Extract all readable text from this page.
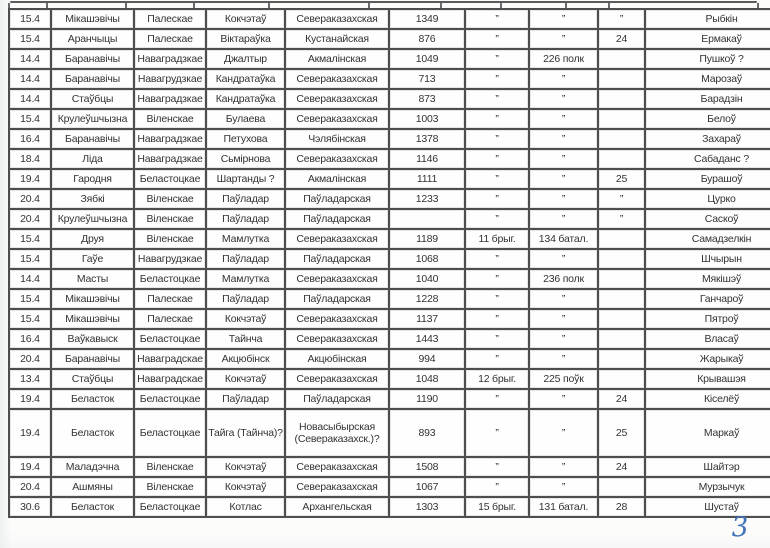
15.4	Мікашэвічы	Палескае	Кокчэтаў	Севераказахская	1349	”	”	”	Рыбкін
15.4	Аранчыцы	Палескае	Віктараўка	Кустанайская	876	”	”	24	Ермакаў
14.4	Баранавічы	Наваградзкае	Джалтыр	Акмалінская	1049	”	226 полк		Пушкоў ?
14.4	Баранавічы	Навагрудзкае	Кандратаўка	Севераказахская	713	”	”		Марозаў
14.4	Стаўбцы	Наваградзкае	Кандратаўка	Севераказахская	873	”	”		Барадзін
15.4	Крулеўшчызна	Віленскае	Булаева	Севераказахская	1003	”	”		Белоў
16.4	Баранавічы	Наваградзкае	Петухова	Чэлябінская	1378	”	”		Захараў
18.4	Ліда	Наваградзкае	Сьмірнова	Севераказахская	1146	”	”		Сабаданс ?
19.4	Гародня	Беластоцкае	Шартанды ?	Акмалінская	1111	”	”	25	Бурашоў
20.4	Зябкі	Віленскае	Паўладар	Паўладарская	1233	”	”	”	Цурко
20.4	Крулеўшчызна	Віленскае	Паўладар	Паўладарская		”	”	”	Саскоў
15.4	Друя	Віленскае	Мамлутка	Севераказахская	1189	11 брыг.	134 батал.		Самадзелкін
15.4	Гаўе	Навагрудзкае	Паўладар	Паўладарская	1068	”	”		Шчырын
14.4	Масты	Беластоцкае	Мамлутка	Севераказахская	1040	”	236 полк		Мякішэў
15.4	Мікашэвічы	Палескае	Паўладар	Паўладарская	1228	”	”		Ганчароў
15.4	Мікашэвічы	Палескае	Кокчэтаў	Севераказахская	1137	”	”		Пятроў
16.4	Ваўкавыск	Беластоцкае	Тайнча	Севераказахская	1443	”	”		Власаў
20.4	Баранавічы	Наваградскае	Акцюбінск	Акцюбінская	994	”	”		Жарыкаў
13.4	Стаўбцы	Наваградскае	Кокчэтаў	Севераказахская	1048	12 брыг.	225 поўк		Крывашэя
19.4	Беласток	Беластоцкае	Паўладар	Паўладарская	1190	”	”	24	Кіселёў
19.4	Беласток	Беластоцкае	Тайга (Тайнча)?	Новасыбырская (Севераказахск.)?	893	”	”	25	Маркаў
19.4	Маладэчна	Віленскае	Кокчэтаў	Севераказахская	1508	”	”	24	Шайтэр
20.4	Ашмяны	Віленскае	Кокчэтаў	Севераказахская	1067	”	”		Мурзычук
30.6	Беласток	Беластоцкае	Котлас	Архангельская	1303	15 брыг.	131 батал.	28	Шустаў
3
